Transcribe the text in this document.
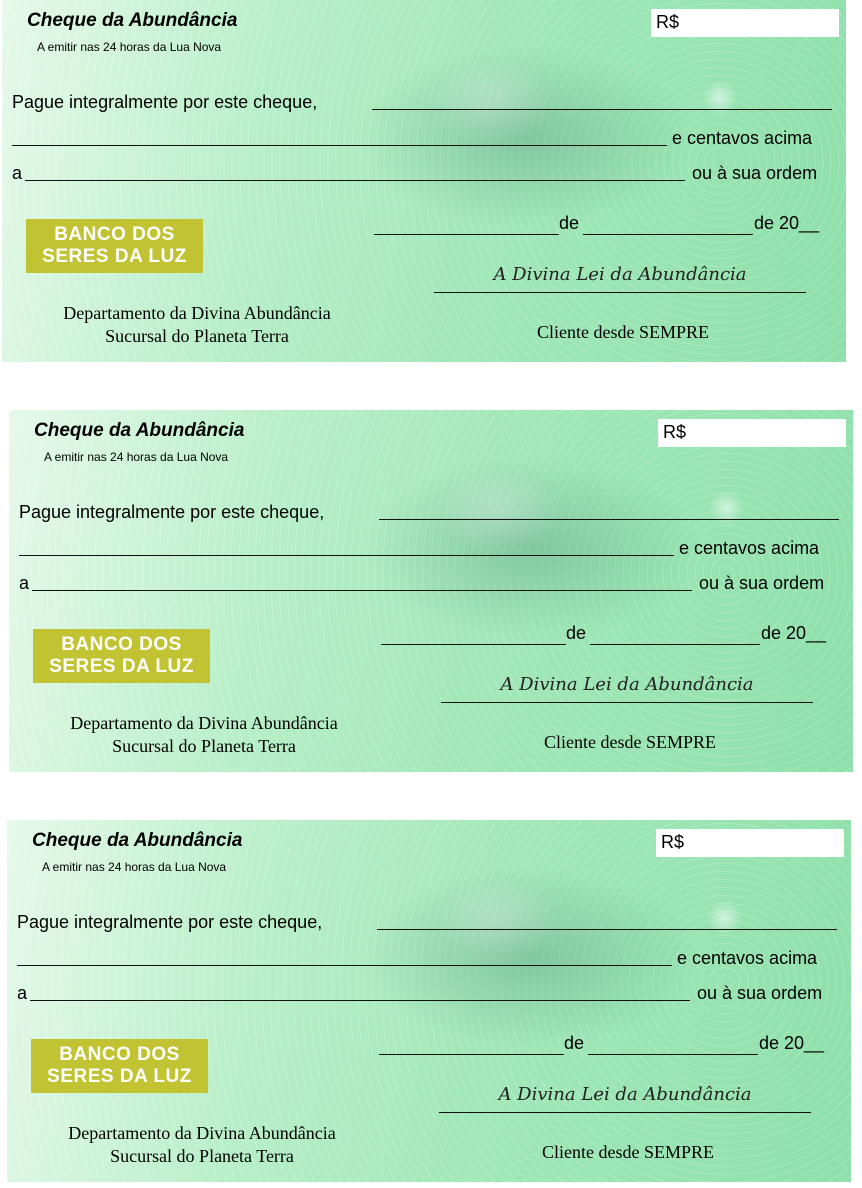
Cheque da Abundância
A emitir nas 24 horas da Lua Nova
R$
Pague integralmente por este cheque,
e centavos acima
a	ou à sua ordem
de	de 20__
BANCO DOS
SERES DA LUZ
A Divina Lei da Abundância
Departamento da Divina Abundância
Sucursal do Planeta Terra	Cliente desde SEMPRE
Cheque da Abundância
A emitir nas 24 horas da Lua Nova
R$
Pague integralmente por este cheque,
e centavos acima
a	ou à sua ordem
de	de 20__
BANCO DOS
SERES DA LUZ
A Divina Lei da Abundância
Departamento da Divina Abundância
Sucursal do Planeta Terra	Cliente desde SEMPRE
Cheque da Abundância
A emitir nas 24 horas da Lua Nova
R$
Pague integralmente por este cheque,
e centavos acima
a	ou à sua ordem
de	de 20__
BANCO DOS
SERES DA LUZ
A Divina Lei da Abundância
Departamento da Divina Abundância
Sucursal do Planeta Terra	Cliente desde SEMPRE
